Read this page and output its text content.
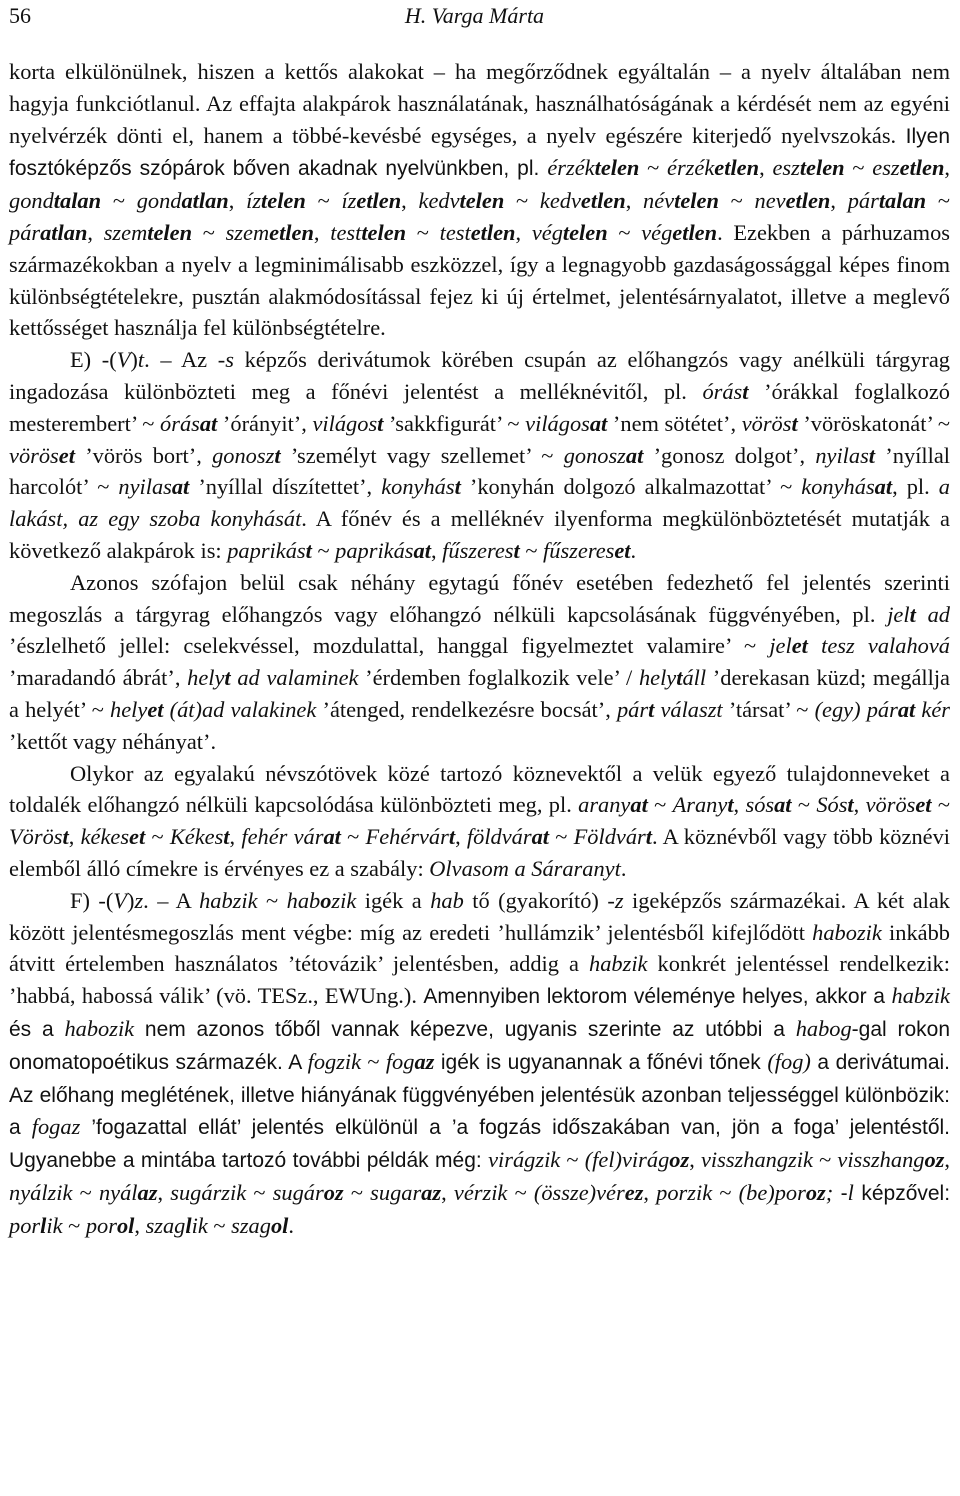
56	H. Varga Márta

korta elkülönülnek, hiszen a kettős alakokat – ha megőrződnek egyáltalán – a nyelv általában nem hagyja funkciótlanul. Az effajta alakpárok használatának, használhatóságának a kérdését nem az egyéni nyelvérzék dönti el, hanem a többé-kevésbé egységes, a nyelv egészére kiterjedő nyelvszokás. Ilyen fosztóképzős szópárok bőven akadnak nyelvünkben, pl. érzéktelen ~ érzéketlen, esztelen ~ eszetlen, gondtalan ~ gondatlan, íztelen ~ ízetlen, kedvtelen ~ kedvetlen, névtelen ~ nevetlen, pártalan ~ páratlan, szemtelen ~ szemetlen, testtelen ~ testetlen, végtelen ~ végetlen. Ezekben a párhuzamos származékokban a nyelv a legminimálisabb eszközzel, így a legnagyobb gazdaságossággal képes finom különbségtételekre, pusztán alakmódosítással fejez ki új értelmet, jelentésárnyalatot, illetve a meglevő kettősséget használja fel különbségtételre.

E) -(V)t. – Az -s képzős derivátumok körében csupán az előhangzós vagy anélküli tárgyrag ingadozása különbözteti meg a főnévi jelentést a melléknévitől, pl. órást ’órákkal foglalkozó mesterembert’ ~ órásat ’órányit’, világost ’sakkfigurát’ ~ világosat ’nem sötétet’, vöröst ’vöröskatonát’ ~ vöröset ’vörös bort’, gonoszt ’személyt vagy szellemet’ ~ gonoszat ’gonosz dolgot’, nyilast ’nyíllal harcolót’ ~ nyilasat ’nyíllal díszítettet’, konyhást ’konyhán dolgozó alkalmazottat’ ~ konyhásat, pl. a lakást, az egy szoba konyhását. A főnév és a melléknév ilyenforma megkülönböztetését mutatják a következő alakpárok is: paprikást ~ paprikásat, fűszerest ~ fűszereset.

Azonos szófajon belül csak néhány egytagú főnév esetében fedezhető fel jelentés szerinti megoszlás a tárgyrag előhangzós vagy előhangzó nélküli kapcsolásának függvényében, pl. jelt ad ’észlelhető jellel: cselekvéssel, mozdulattal, hanggal figyelmeztet valamire’ ~ jelet tesz valahová ’maradandó ábrát’, helyt ad valaminek ’érdemben foglalkozik vele’ / helytáll ’derekasan küzd; megállja a helyét’ ~ helyet (át)ad valakinek ’átenged, rendelkezésre bocsát’, párt választ ’társat’ ~ (egy) párat kér ’kettőt vagy néhányat’.

Olykor az egyalakú névszótövek közé tartozó köznevektől a velük egyező tulajdonneveket a toldalék előhangzó nélküli kapcsolódása különbözteti meg, pl. aranyat ~ Aranyt, sósat ~ Sóst, vöröset ~ Vöröst, kékeset ~ Kékest, fehér várat ~ Fehérvárt, földvárat ~ Földvárt. A köznévből vagy több köznévi elemből álló címekre is érvényes ez a szabály: Olvasom a Sáraranyt.

F) -(V)z. – A habzik ~ habozik igék a hab tő (gyakorító) -z igeképzős származékai. A két alak között jelentésmegoszlás ment végbe: míg az eredeti ’hullámzik’ jelentésből kifejlődött habozik inkább átvitt értelemben használatos ’tétovázik’ jelentésben, addig a habzik konkrét jelentéssel rendelkezik: ’habbá, habossá válik’ (vö. TESz., EWUng.). Amennyiben lektorom véleménye helyes, akkor a habzik és a habozik nem azonos tőből vannak képezve, ugyanis szerinte az utóbbi a habog-gal rokon onomatopoétikus származék. A fogzik ~ fogaz igék is ugyanannak a főnévi tőnek (fog) a derivátumai. Az előhang meglétének, illetve hiányának függvényében jelentésük azonban teljességgel különbözik: a fogaz ’fogazattal ellát’ jelentés elkülönül a ’a fogzás időszakában van, jön a foga’ jelentéstől. Ugyanebbe a mintába tartozó további példák még: virágzik ~ (fel)virágoz, visszhangzik ~ visszhangoz, nyálzik ~ nyálaz, sugárzik ~ sugároz ~ sugaraz, vérzik ~ (össze)vérez, porzik ~ (be)poroz; -l képzővel: porlik ~ porol, szaglik ~ szagol.
